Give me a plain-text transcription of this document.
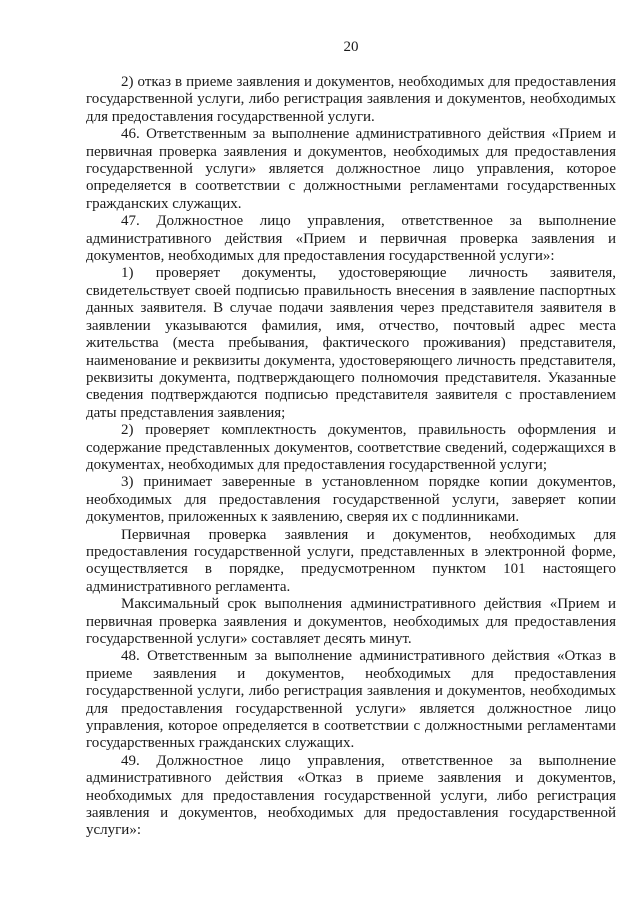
20

2) отказ в приеме заявления и документов, необходимых для предоставления государственной услуги, либо регистрация заявления и документов, необходимых для предоставления государственной услуги.

46. Ответственным за выполнение административного действия «Прием и первичная проверка заявления и документов, необходимых для предоставления государственной услуги» является должностное лицо управления, которое определяется в соответствии с должностными регламентами государственных гражданских служащих.

47. Должностное лицо управления, ответственное за выполнение административного действия «Прием и первичная проверка заявления и документов, необходимых для предоставления государственной услуги»:

1) проверяет документы, удостоверяющие личность заявителя, свидетельствует своей подписью правильность внесения в заявление паспортных данных заявителя. В случае подачи заявления через представителя заявителя в заявлении указываются фамилия, имя, отчество, почтовый адрес места жительства (места пребывания, фактического проживания) представителя, наименование и реквизиты документа, удостоверяющего личность представителя, реквизиты документа, подтверждающего полномочия представителя. Указанные сведения подтверждаются подписью представителя заявителя с проставлением даты представления заявления;

2) проверяет комплектность документов, правильность оформления и содержание представленных документов, соответствие сведений, содержащихся в документах, необходимых для предоставления государственной услуги;

3) принимает заверенные в установленном порядке копии документов, необходимых для предоставления государственной услуги, заверяет копии документов, приложенных к заявлению, сверяя их с подлинниками.

Первичная проверка заявления и документов, необходимых для предоставления государственной услуги, представленных в электронной форме, осуществляется в порядке, предусмотренном пунктом 101 настоящего административного регламента.

Максимальный срок выполнения административного действия «Прием и первичная проверка заявления и документов, необходимых для предоставления государственной услуги» составляет десять минут.

48. Ответственным за выполнение административного действия «Отказ в приеме заявления и документов, необходимых для предоставления государственной услуги, либо регистрация заявления и документов, необходимых для предоставления государственной услуги» является должностное лицо управления, которое определяется в соответствии с должностными регламентами государственных гражданских служащих.

49. Должностное лицо управления, ответственное за выполнение административного действия «Отказ в приеме заявления и документов, необходимых для предоставления государственной услуги, либо регистрация заявления и документов, необходимых для предоставления государственной услуги»:
